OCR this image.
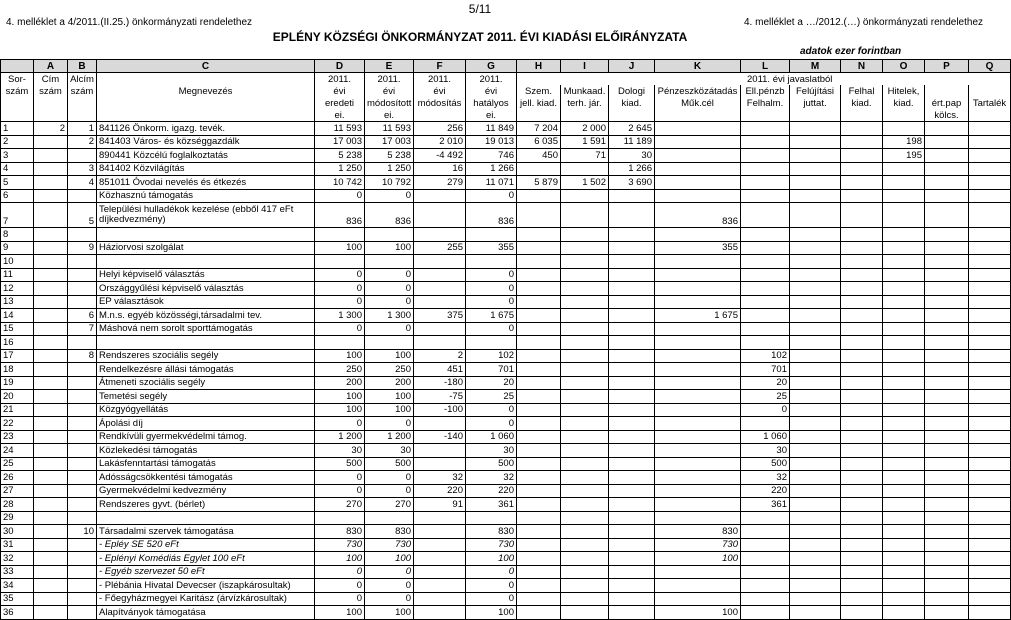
5/11
4. melléklet a 4/2011.(II.25.) önkormányzati rendelethez	4. melléklet a …/2012.(…) önkormányzati rendelethez
EPLÉNY KÖZSÉGI ÖNKORMÁNYZAT 2011. ÉVI KIADÁSI ELŐIRÁNYZATA
adatok ezer forintban
	A	B	C	D	E	F	G	H	I	J	K	L	M	N	O	P	Q
Sor-	Cím	Alcím		2011.	2011.	2011.	2011.	2011. évi javaslatból									
szám	szám	szám	Megnevezés	évi	évi	évi	évi	Szem.	Munkaad.	Dologi	Pénzeszközátadás	Ell.pénzb	Felújítási	Felhal	Hitelek,		
				eredeti	módosított	módosítás	hatályos	jell. kiad.	terh. jár.	kiad.	Műk.cél	Felhalm.	juttat.	kiad.	kiad.	ért.pap	Tartalék
				ei.	ei.		ei.									kölcs.	
1	2	1	841126 Önkorm. igazg. tevék.	11 593	11 593	256	11 849	7 204	2 000	2 645							
2		2	841403 Város- és községgazdálk	17 003	17 003	2 010	19 013	6 035	1 591	11 189					198		
3			890441 Közcélú foglalkoztatás	5 238	5 238	-4 492	746	450	71	30					195		
4		3	841402 Közvilágítás	1 250	1 250	16	1 266			1 266							
5		4	851011 Óvodai nevelés és étkezés	10 742	10 792	279	11 071	5 879	1 502	3 690							
6			Közhasznú támogatás	0	0		0										
7		5	Települési hulladékok kezelése (ebből 417 eFt díjkedvezmény)	836	836		836				836						
8																	
9		9	Háziorvosi szolgálat	100	100	255	355				355						
10																	
11			Helyi képviselő választás	0	0		0										
12			Országgyűlési képviselő választás	0	0		0										
13			EP választások	0	0		0										
14		6	M.n.s. egyéb közösségi,társadalmi tev.	1 300	1 300	375	1 675				1 675						
15		7	Máshová nem sorolt sporttámogatás	0	0		0										
16																	
17		8	Rendszeres szociális segély	100	100	2	102					102					
18			Rendelkezésre állási támogatás	250	250	451	701					701					
19			Átmeneti szociális segély	200	200	-180	20					20					
20			Temetési segély	100	100	-75	25					25					
21			Közgyógyellátás	100	100	-100	0					0					
22			Ápolási díj	0	0		0										
23			Rendkívüli gyermekvédelmi támog.	1 200	1 200	-140	1 060					1 060					
24			Közlekedési támogatás	30	30		30					30					
25			Lakásfenntartási támogatás	500	500		500					500					
26			Adósságcsökkentési támogatás	0	0	32	32					32					
27			Gyermekvédelmi kedvezmény	0	0	220	220					220					
28			Rendszeres gyvt. (bérlet)	270	270	91	361					361					
29																	
30		10	Társadalmi szervek támogatása	830	830		830				830						
31			- Epléy SE 520 eFt	730	730		730				730						
32			- Eplényi Komédiás Egylet 100 eFt	100	100		100				100						
33			- Egyéb szervezet 50 eFt	0	0		0										
34			- Plébánia Hivatal Devecser (iszapkárosultak)	0	0		0										
35			- Főegyházmegyei Karitász (árvízkárosultak)	0	0		0										
36			Alapítványok támogatása	100	100		100				100						
